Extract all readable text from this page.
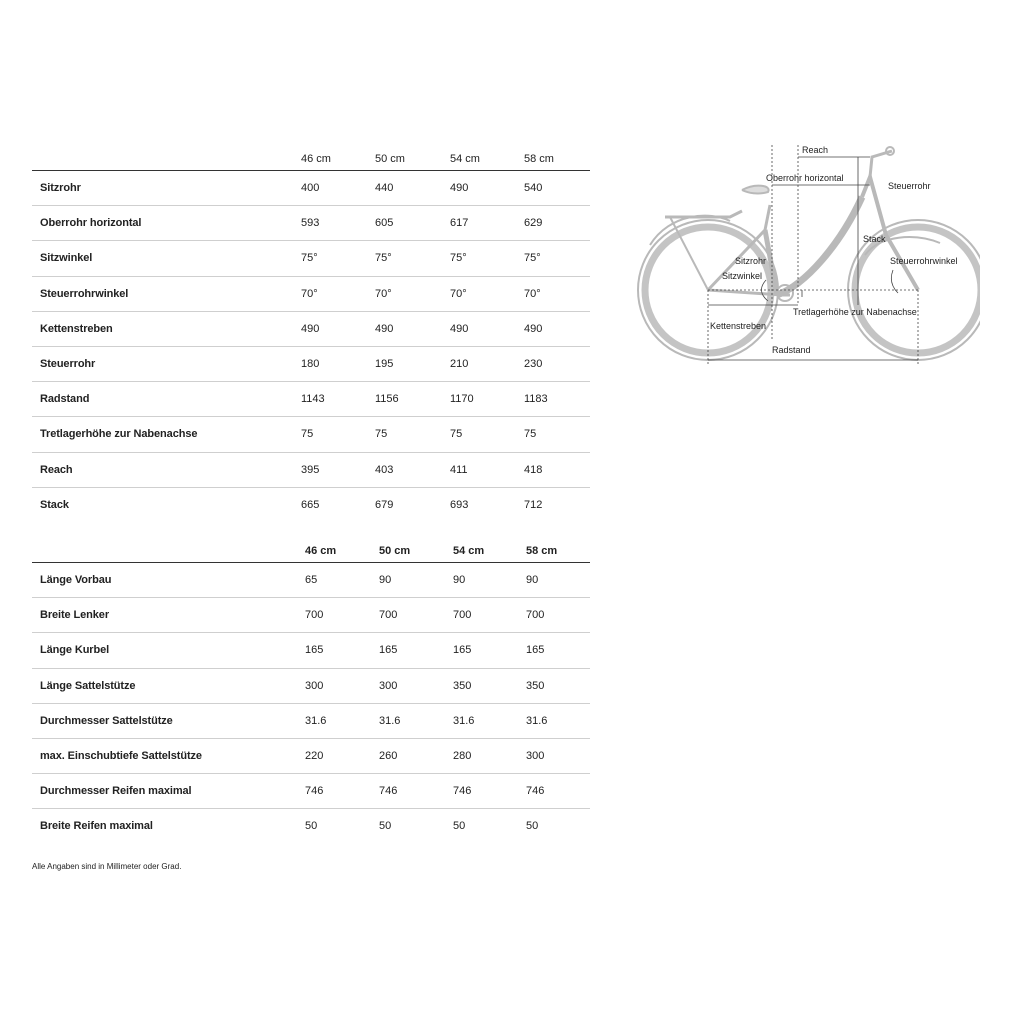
46 cm	50 cm	54 cm	58 cm
Sitzrohr	400	440	490	540
Oberrohr horizontal	593	605	617	629
Sitzwinkel	75°	75°	75°	75°
Steuerrohrwinkel	70°	70°	70°	70°
Kettenstreben	490	490	490	490
Steuerrohr	180	195	210	230
Radstand	1143	1156	1170	1183
Tretlagerhöhe zur Nabenachse	75	75	75	75
Reach	395	403	411	418
Stack	665	679	693	712
46 cm	50 cm	54 cm	58 cm
Länge Vorbau	65	90	90	90
Breite Lenker	700	700	700	700
Länge Kurbel	165	165	165	165
Länge Sattelstütze	300	300	350	350
Durchmesser Sattelstütze	31.6	31.6	31.6	31.6
max. Einschubtiefe Sattelstütze	220	260	280	300
Durchmesser Reifen maximal	746	746	746	746
Breite Reifen maximal	50	50	50	50
Alle Angaben sind in Millimeter oder Grad.
Reach
Oberrohr horizontal
Steuerrohr
Stack
Steuerrohrwinkel
Sitzrohr
Sitzwinkel
Tretlagerhöhe zur Nabenachse
Kettenstreben
Radstand
